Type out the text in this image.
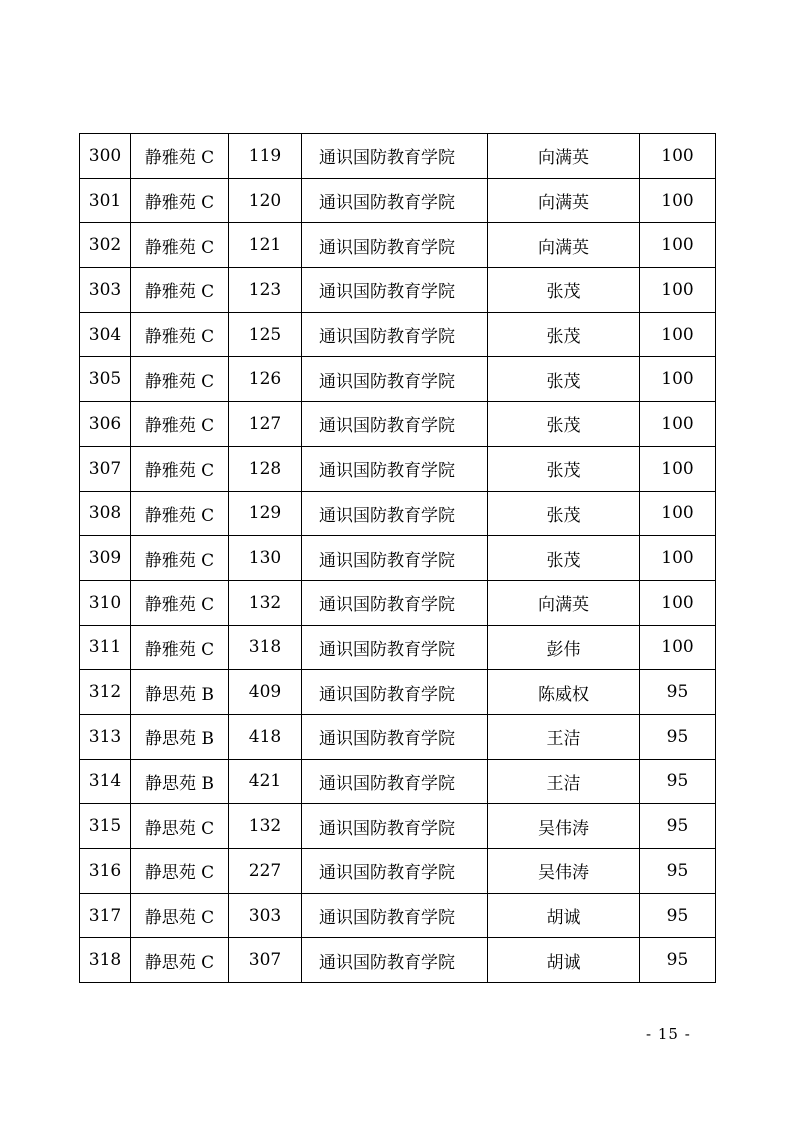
300	静雅苑 C	119	通识国防教育学院	向满英	100
301	静雅苑 C	120	通识国防教育学院	向满英	100
302	静雅苑 C	121	通识国防教育学院	向满英	100
303	静雅苑 C	123	通识国防教育学院	张茂	100
304	静雅苑 C	125	通识国防教育学院	张茂	100
305	静雅苑 C	126	通识国防教育学院	张茂	100
306	静雅苑 C	127	通识国防教育学院	张茂	100
307	静雅苑 C	128	通识国防教育学院	张茂	100
308	静雅苑 C	129	通识国防教育学院	张茂	100
309	静雅苑 C	130	通识国防教育学院	张茂	100
310	静雅苑 C	132	通识国防教育学院	向满英	100
311	静雅苑 C	318	通识国防教育学院	彭伟	100
312	静思苑 B	409	通识国防教育学院	陈威权	95
313	静思苑 B	418	通识国防教育学院	王洁	95
314	静思苑 B	421	通识国防教育学院	王洁	95
315	静思苑 C	132	通识国防教育学院	吴伟涛	95
316	静思苑 C	227	通识国防教育学院	吴伟涛	95
317	静思苑 C	303	通识国防教育学院	胡诚	95
318	静思苑 C	307	通识国防教育学院	胡诚	95
- 15 -
